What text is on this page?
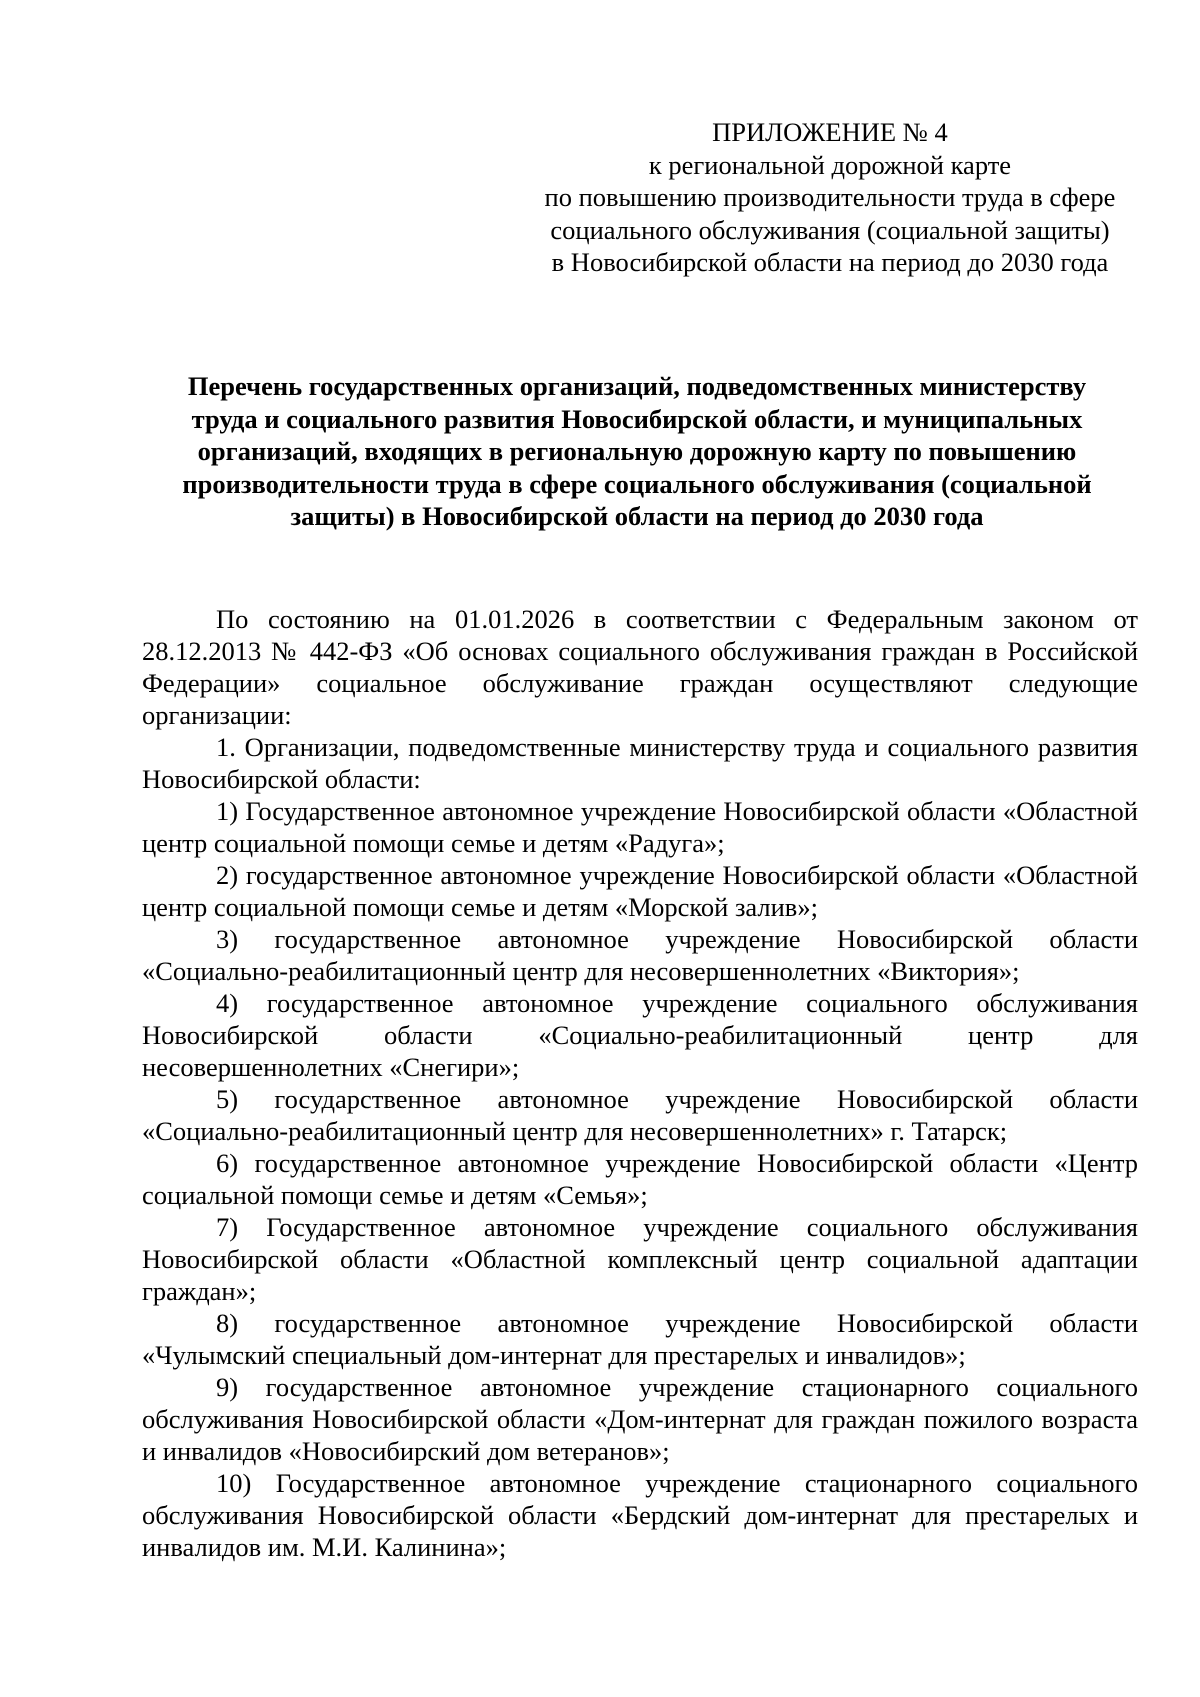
ПРИЛОЖЕНИЕ № 4
к региональной дорожной карте
по повышению производительности труда в сфере
социального обслуживания (социальной защиты)
в Новосибирской области на период до 2030 года
Перечень государственных организаций, подведомственных министерству
труда и социального развития Новосибирской области, и муниципальных
организаций, входящих в региональную дорожную карту по повышению
производительности труда в сфере социального обслуживания (социальной
защиты) в Новосибирской области на период до 2030 года

По состоянию на 01.01.2026 в соответствии с Федеральным законом от 28.12.2013 № 442-ФЗ «Об основах социального обслуживания граждан в Российской Федерации» социальное обслуживание граждан осуществляют следующие организации:

1. Организации, подведомственные министерству труда и социального развития Новосибирской области:

1) Государственное автономное учреждение Новосибирской области «Областной центр социальной помощи семье и детям «Радуга»;

2) государственное автономное учреждение Новосибирской области «Областной центр социальной помощи семье и детям «Морской залив»;

3) государственное автономное учреждение Новосибирской области «Социально-реабилитационный центр для несовершеннолетних «Виктория»;

4) государственное автономное учреждение социального обслуживания Новосибирской области «Социально-реабилитационный центр для несовершеннолетних «Снегири»;

5) государственное автономное учреждение Новосибирской области «Социально-реабилитационный центр для несовершеннолетних» г. Татарск;

6) государственное автономное учреждение Новосибирской области «Центр социальной помощи семье и детям «Семья»;

7) Государственное автономное учреждение социального обслуживания Новосибирской области «Областной комплексный центр социальной адаптации граждан»;

8) государственное автономное учреждение Новосибирской области «Чулымский специальный дом-интернат для престарелых и инвалидов»;

9) государственное автономное учреждение стационарного социального обслуживания Новосибирской области «Дом-интернат для граждан пожилого возраста и инвалидов «Новосибирский дом ветеранов»;

10) Государственное автономное учреждение стационарного социального обслуживания Новосибирской области «Бердский дом-интернат для престарелых и инвалидов им. М.И. Калинина»;
